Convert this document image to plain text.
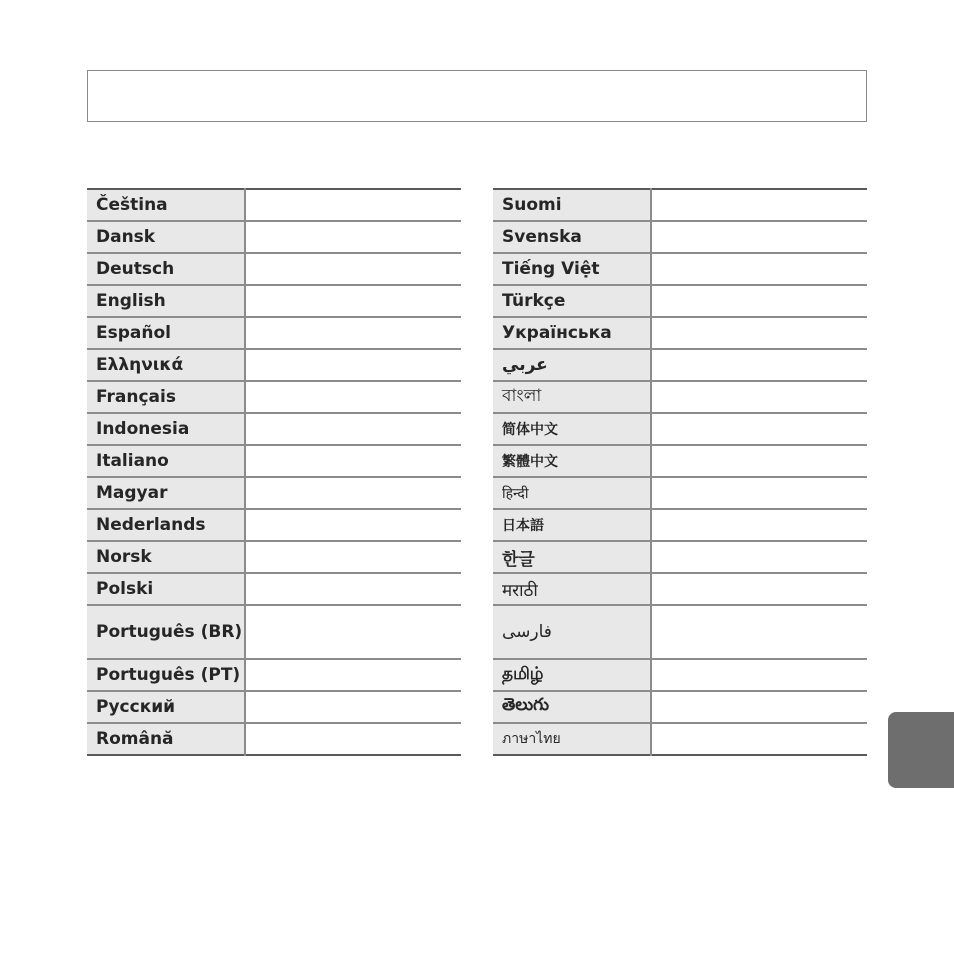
Čeština	
Dansk	
Deutsch	
English	
Español	
Ελληνικά	
Français	
Indonesia	
Italiano	
Magyar	
Nederlands	
Norsk	
Polski	
Português (BR)	
Português (PT)	
Русский	
Română	
Suomi	
Svenska	
Tiếng Việt	
Türkçe	
Українська	
عربي	
বাংলা	
简体中文	
繁體中文	
हिन्दी	
日本語	
한글	
मराठी	
فارسی	
தமிழ்	
తెలుగు	
ภาษาไทย	
